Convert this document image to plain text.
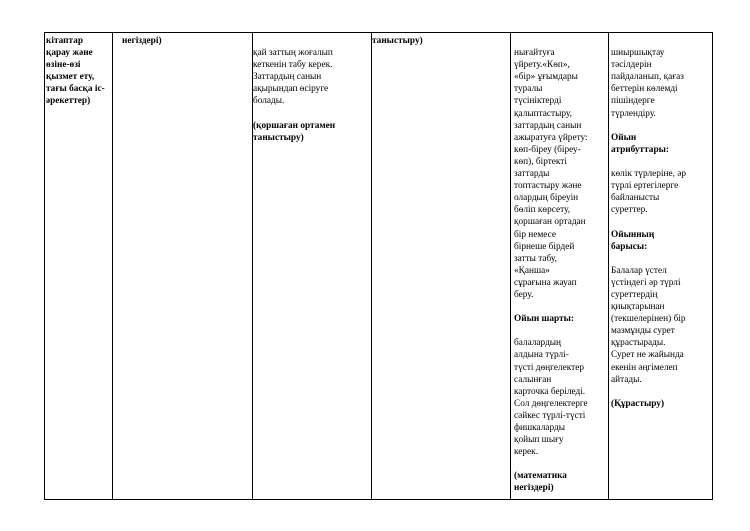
кітаптар
қарау және
өзіне-өзі
қызмет ету,
тағы басқа іс-
әрекеттер)
негіздері)

қай заттың жоғалып
кеткенін табу керек.
Заттардың санын
ақырындап өсіруге
болады.

(қоршаған ортамен
таныстыру)

таныстыру)

нығайтуға
үйрету.«Көп»,
«бір» ұғымдары
туралы
түсініктерді
қалыптастыру,
заттардың санын
ажыратуға үйрету:
көп-біреу (біреу-
көп), біртекті
заттарды
топтастыру және
олардың біреуін
бөліп көрсету,
қоршаған ортадан
бір немесе
бірнеше бірдей
затты табу,
«Қанша»
сұрағына жауап
беру.

Ойын шарты:

балалардың
алдына түрлі-
түсті дөңгелектер
салынған
карточка беріледі.
Сол дөңгелектерге
сәйкес түрлі-түсті
фишкаларды
қойып шығу
керек.

(математика
негіздері)

шиыршықтау
тәсілдерін
пайдаланып, қағаз
беттерін көлемді
пішіндерге
түрлендіру.

Ойын
атрибуттары:

көлік түрлеріне, әр
түрлі ертегілерге
байланысты
суреттер.

Ойынның
барысы:

Балалар үстел
үстіндегі әр түрлі
суреттердің
қиықтарынан
(текшелерінен) бір
мазмұнды сурет
құрастырады.
Сурет не жайында
екенін әңгімелеп
айтады.

(Құрастыру)
